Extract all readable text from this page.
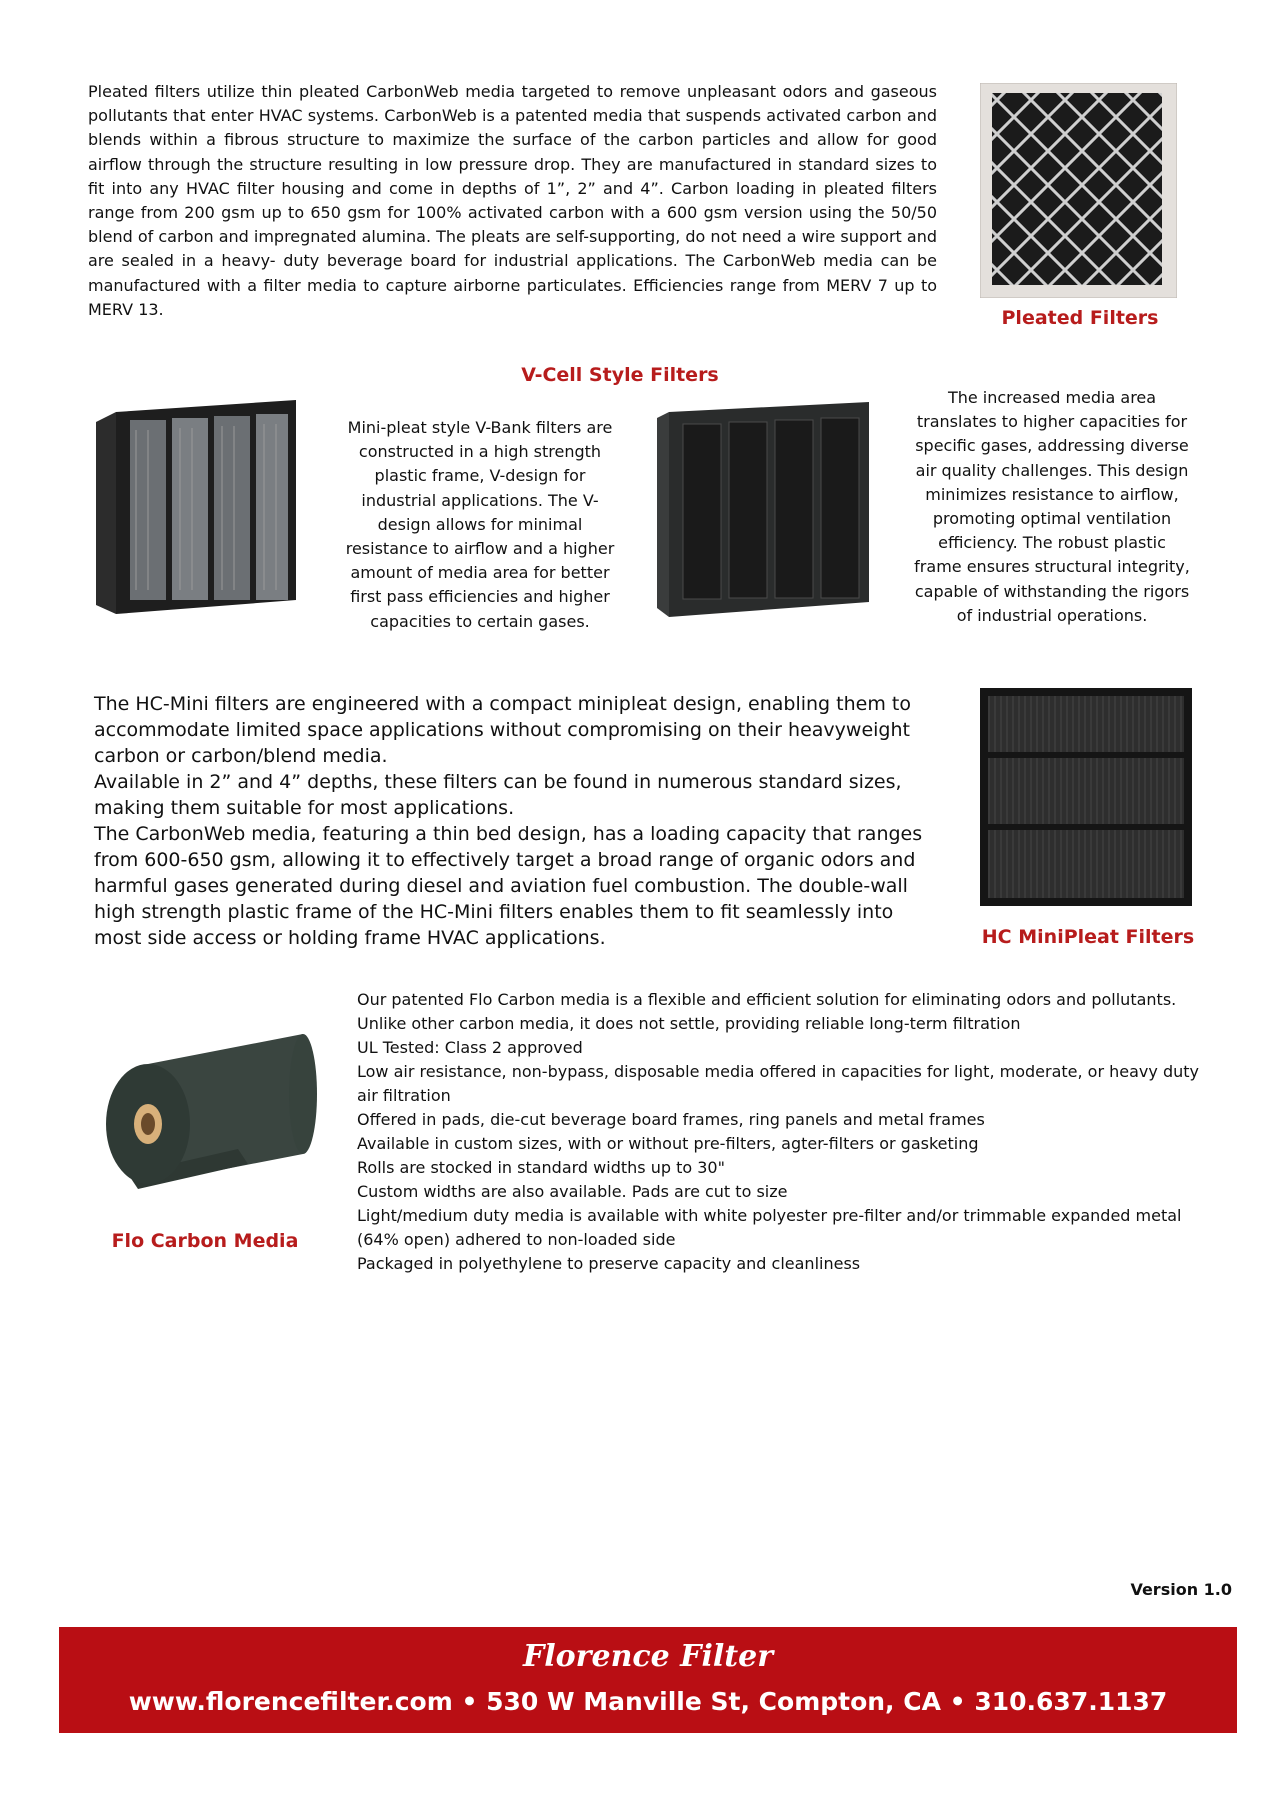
Pleated filters utilize thin pleated CarbonWeb media targeted to remove unpleasant odors and gaseous pollutants that enter HVAC systems. CarbonWeb is a patented media that suspends activated carbon and blends within a fibrous structure to maximize the surface of the carbon particles and allow for good airflow through the structure resulting in low pressure drop. They are manufactured in standard sizes to fit into any HVAC filter housing and come in depths of 1”, 2” and 4”. Carbon loading in pleated filters range from 200 gsm up to 650 gsm for 100% activated carbon with a 600 gsm version using the 50/50 blend of carbon and impregnated alumina. The pleats are self-supporting, do not need a wire support and are sealed in a heavy- duty beverage board for industrial applications. The CarbonWeb media can be manufactured with a filter media to capture airborne particulates. Efficiencies range from MERV 7 up to MERV 13.	Pleated Filters
V-Cell Style Filters

Mini-pleat style V-Bank filters are constructed in a high strength plastic frame, V-design for industrial applications. The V-design allows for minimal resistance to airflow and a higher amount of media area for better first pass efficiencies and higher capacities to certain gases.

The increased media area translates to higher capacities for specific gases, addressing diverse air quality challenges. This design minimizes resistance to airflow, promoting optimal ventilation efficiency. The robust plastic frame ensures structural integrity, capable of withstanding the rigors of industrial operations.

The HC-Mini filters are engineered with a compact minipleat design, enabling them to accommodate limited space applications without compromising on their heavyweight carbon or carbon/blend media.

Available in 2” and 4” depths, these filters can be found in numerous standard sizes, making them suitable for most applications.

The CarbonWeb media, featuring a thin bed design, has a loading capacity that ranges from 600-650 gsm, allowing it to effectively target a broad range of organic odors and harmful gases generated during diesel and aviation fuel combustion. The double-wall high strength plastic frame of the HC-Mini filters enables them to fit seamlessly into most side access or holding frame HVAC applications.	HC MiniPleat Filters
Flo Carbon Media

Our patented Flo Carbon media is a flexible and efficient solution for eliminating odors and pollutants.

Unlike other carbon media, it does not settle, providing reliable long-term filtration

UL Tested: Class 2 approved

Low air resistance, non-bypass, disposable media offered in capacities for light, moderate, or heavy duty air filtration

Offered in pads, die-cut beverage board frames, ring panels and metal frames

Available in custom sizes, with or without pre-filters, agter-filters or gasketing

Rolls are stocked in standard widths up to 30"

Custom widths are also available. Pads are cut to size

Light/medium duty media is available with white polyester pre-filter and/or trimmable expanded metal (64% open) adhered to non-loaded side

Packaged in polyethylene to preserve capacity and cleanliness

Version 1.0
Florence Filter
www.florencefilter.com • 530 W Manville St, Compton, CA • 310.637.1137
